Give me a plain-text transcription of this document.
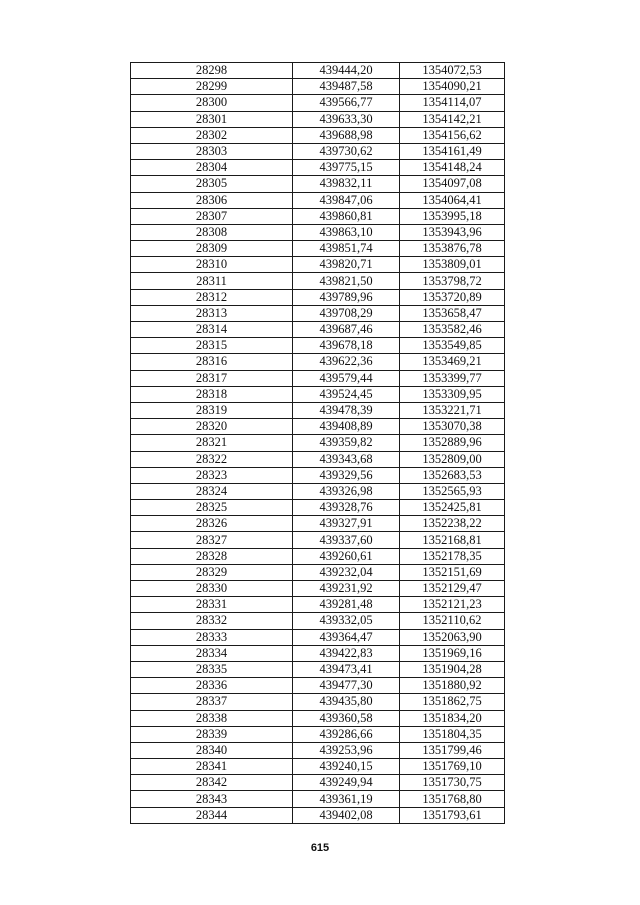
28298	439444,20	1354072,53
28299	439487,58	1354090,21
28300	439566,77	1354114,07
28301	439633,30	1354142,21
28302	439688,98	1354156,62
28303	439730,62	1354161,49
28304	439775,15	1354148,24
28305	439832,11	1354097,08
28306	439847,06	1354064,41
28307	439860,81	1353995,18
28308	439863,10	1353943,96
28309	439851,74	1353876,78
28310	439820,71	1353809,01
28311	439821,50	1353798,72
28312	439789,96	1353720,89
28313	439708,29	1353658,47
28314	439687,46	1353582,46
28315	439678,18	1353549,85
28316	439622,36	1353469,21
28317	439579,44	1353399,77
28318	439524,45	1353309,95
28319	439478,39	1353221,71
28320	439408,89	1353070,38
28321	439359,82	1352889,96
28322	439343,68	1352809,00
28323	439329,56	1352683,53
28324	439326,98	1352565,93
28325	439328,76	1352425,81
28326	439327,91	1352238,22
28327	439337,60	1352168,81
28328	439260,61	1352178,35
28329	439232,04	1352151,69
28330	439231,92	1352129,47
28331	439281,48	1352121,23
28332	439332,05	1352110,62
28333	439364,47	1352063,90
28334	439422,83	1351969,16
28335	439473,41	1351904,28
28336	439477,30	1351880,92
28337	439435,80	1351862,75
28338	439360,58	1351834,20
28339	439286,66	1351804,35
28340	439253,96	1351799,46
28341	439240,15	1351769,10
28342	439249,94	1351730,75
28343	439361,19	1351768,80
28344	439402,08	1351793,61
615
